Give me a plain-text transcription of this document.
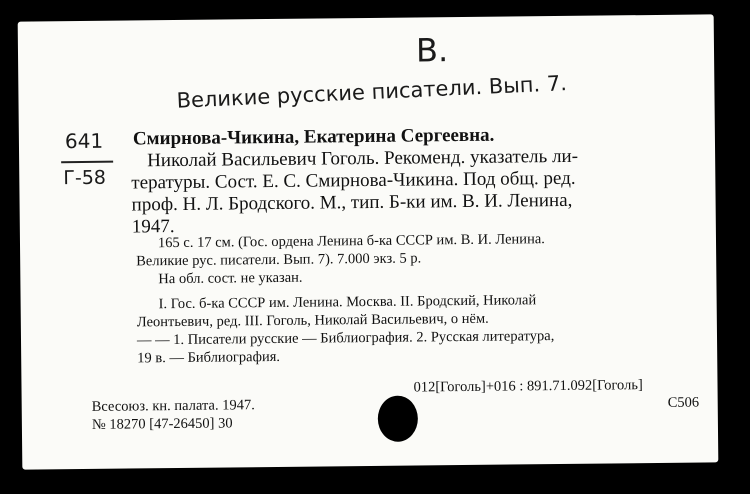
В.
Великие русские писатели. Вып. 7.
641
Г-58
Смирнова-Чикина, Екатерина Сергеевна.
Николай Васильевич Гоголь. Рекоменд. указатель ли-
тературы. Сост. Е. С. Смирнова-Чикина. Под общ. ред.
проф. Н. Л. Бродского. М., тип. Б-ки им. В. И. Ленина,
1947.
165 с. 17 см. (Гос. ордена Ленина б-ка СССР им. В. И. Ленина.
Великие рус. писатели. Вып. 7). 7.000 экз. 5 р.
На обл. сост. не указан.
I. Гос. б-ка СССР им. Ленина. Москва. II. Бродский, Николай
Леонтьевич, ред. III. Гоголь, Николай Васильевич, о нём.
— — 1. Писатели русские — Библиография. 2. Русская литература,
19 в. — Библиография.
Всесоюз. кн. палата. 1947.
№ 18270 [47-26450] 30
012[Гоголь]+016 : 891.71.092[Гоголь]
С506
